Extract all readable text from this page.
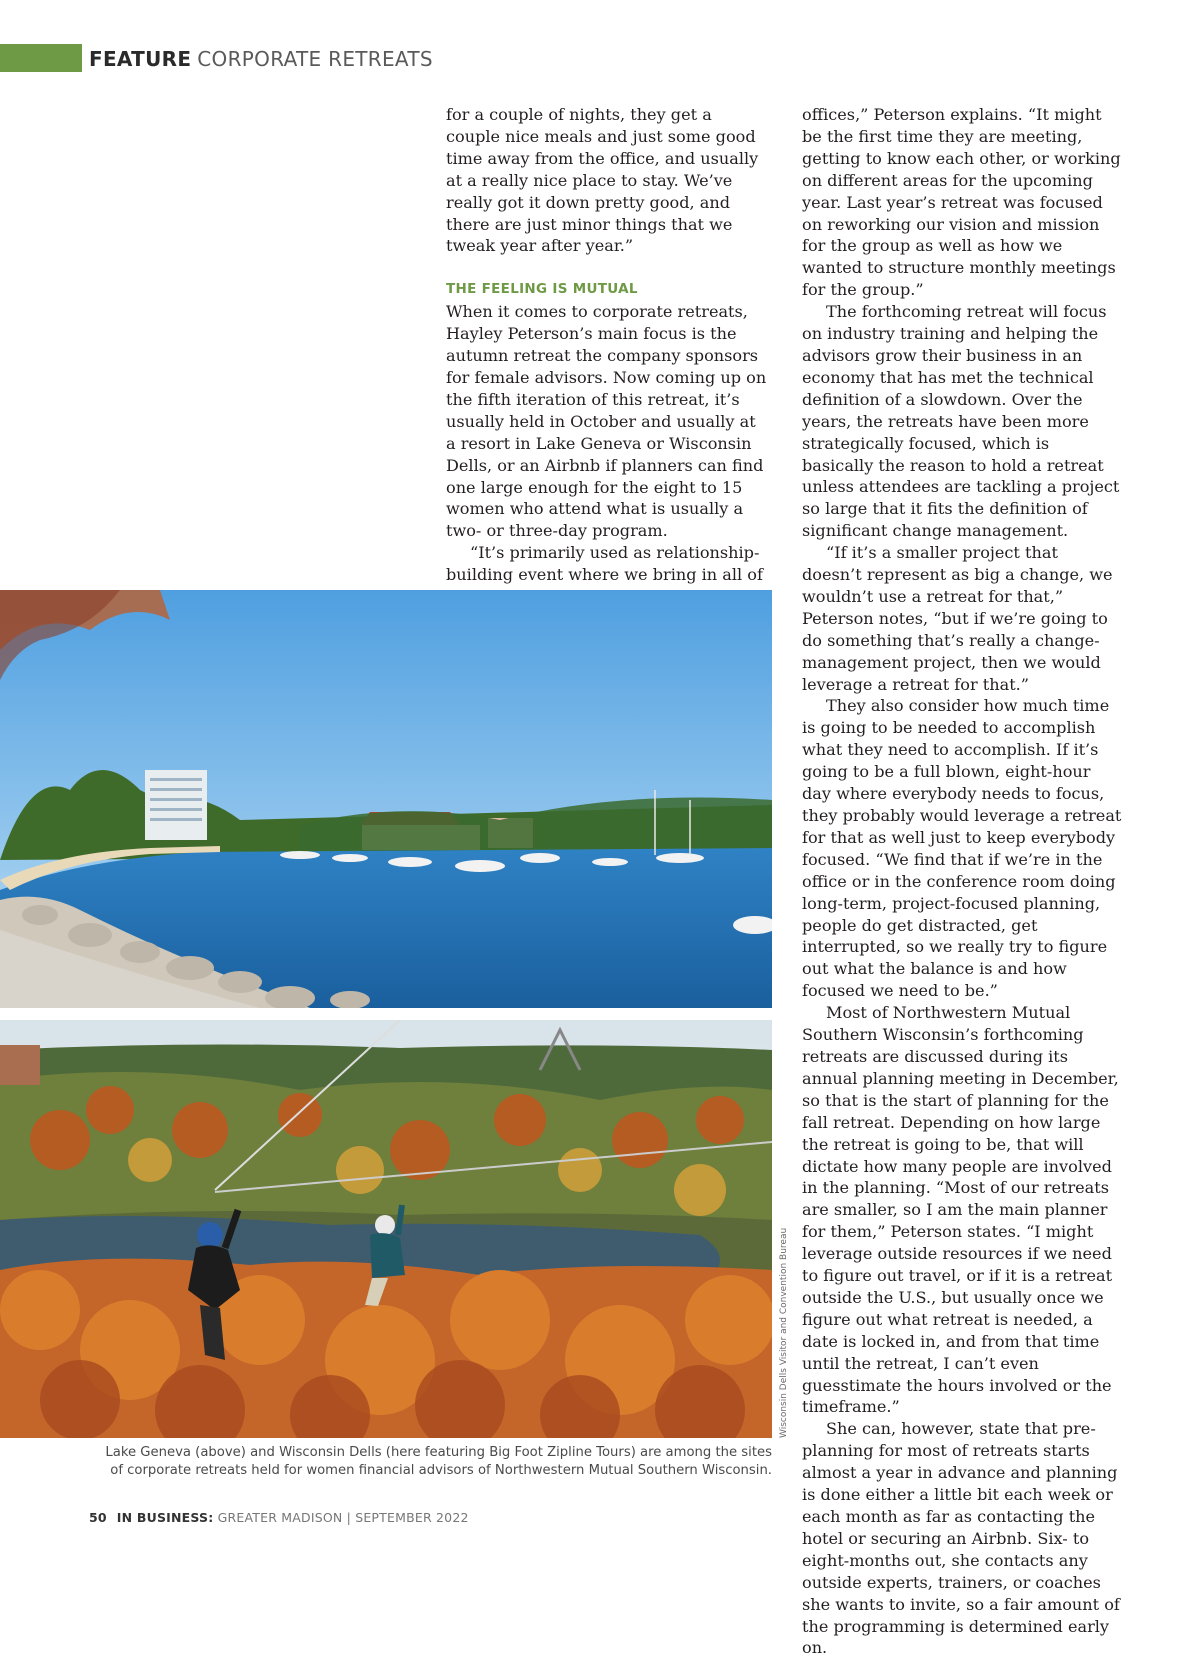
FEATURE CORPORATE RETREATS

for a couple of nights, they get a couple nice meals and just some good time away from the office, and usually at a really nice place to stay. We’ve really got it down pretty good, and there are just minor things that we tweak year after year.”

THE FEELING IS MUTUAL

When it comes to corporate retreats, Hayley Peterson’s main focus is the autumn retreat the company sponsors for female advisors. Now coming up on the fifth iteration of this retreat, it’s usually held in October and usually at a resort in Lake Geneva or Wisconsin Dells, or an Airbnb if planners can find one large enough for the eight to 15 women who attend what is usually a two- or three-day program.

“It’s primarily used as relationship-building event where we bring in all of

offices,” Peterson explains. “It might be the first time they are meeting, getting to know each other, or working on different areas for the upcoming year. Last year’s retreat was focused on reworking our vision and mission for the group as well as how we wanted to structure monthly meetings for the group.”

The forthcoming retreat will focus on industry training and helping the advisors grow their business in an economy that has met the technical definition of a slowdown. Over the years, the retreats have been more strategically focused, which is basically the reason to hold a retreat unless attendees are tackling a project so large that it fits the definition of significant change management.

“If it’s a smaller project that doesn’t represent as big a change, we wouldn’t use a retreat for that,” Peterson notes, “but if we’re going to do something that’s really a change-management project, then we would leverage a retreat for that.”

They also consider how much time is going to be needed to accomplish what they need to accomplish. If it’s going to be a full blown, eight-hour day where everybody needs to focus, they probably would leverage a retreat for that as well just to keep everybody focused. “We find that if we’re in the office or in the conference room doing long-term, project-focused planning, people do get distracted, get interrupted, so we really try to figure out what the balance is and how focused we need to be.”

Most of Northwestern Mutual Southern Wisconsin’s forthcoming retreats are discussed during its annual planning meeting in December, so that is the start of planning for the fall retreat. Depending on how large the retreat is going to be, that will dictate how many people are involved in the planning. “Most of our retreats are smaller, so I am the main planner for them,” Peterson states. “I might leverage outside resources if we need to figure out travel, or if it is a retreat outside the U.S., but usually once we figure out what retreat is needed, a date is locked in, and from that time until the retreat, I can’t even guesstimate the hours involved or the timeframe.”

She can, however, state that pre-planning for most of retreats starts almost a year in advance and planning is done either a little bit each week or each month as far as contacting the hotel or securing an Airbnb. Six- to eight-months out, she contacts any outside experts, trainers, or coaches she wants to invite, so a fair amount of the programming is determined early on.

Wisconsin Dells Visitor and Convention Bureau
Lake Geneva (above) and Wisconsin Dells (here featuring Big Foot Zipline Tours) are among the sites of corporate retreats held for women financial advisors of Northwestern Mutual Southern Wisconsin.
50 IN BUSINESS: GREATER MADISON | SEPTEMBER 2022
